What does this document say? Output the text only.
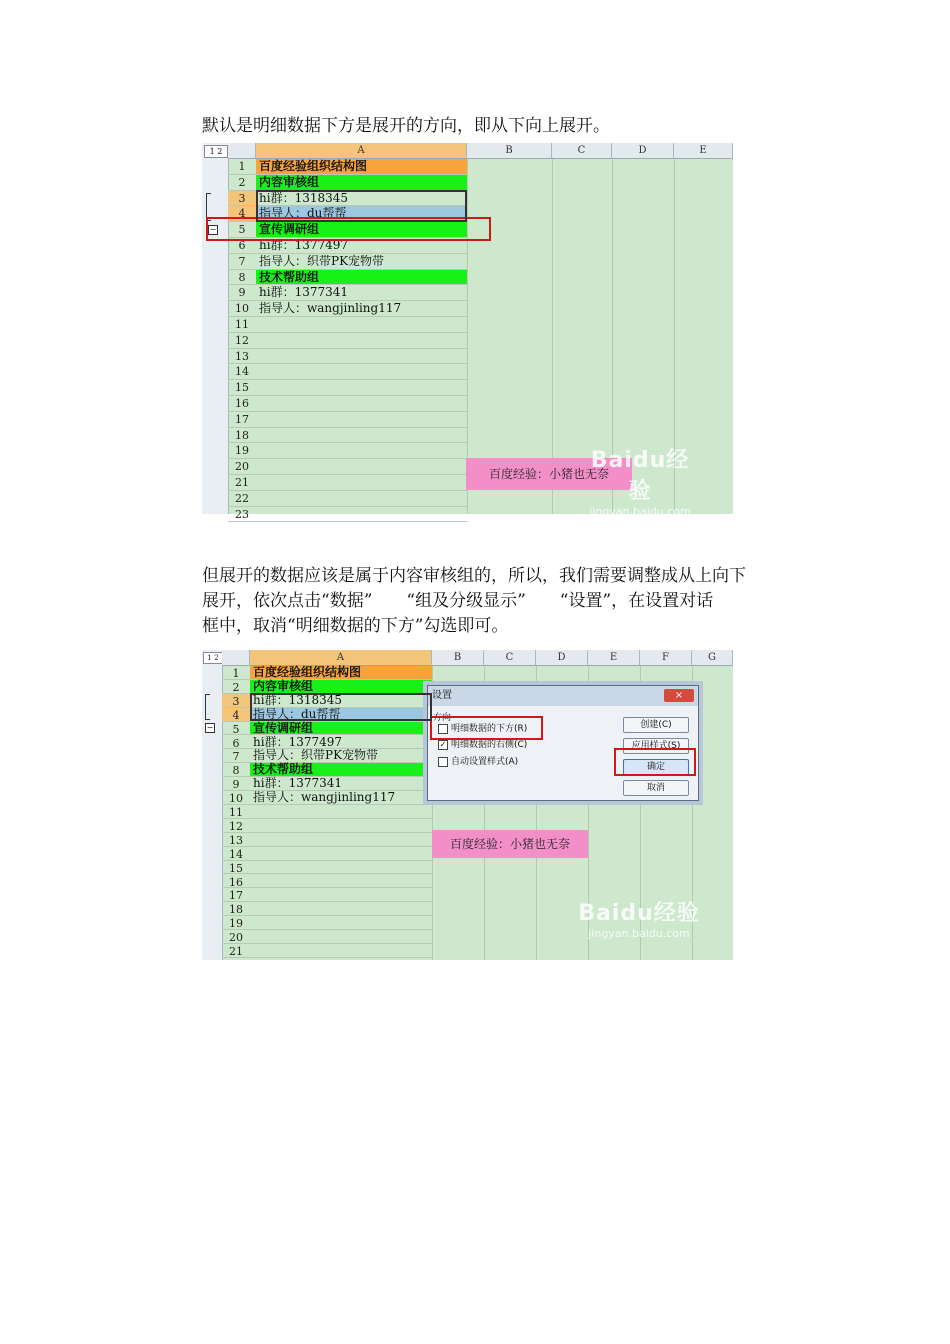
默认是明细数据下方是展开的方向，即从下向上展开。
1 2
−
A	B	C	D	E
1	百度经验组织结构图
2	内容审核组
3	hi群：1318345
4	指导人：du帮帮
5	宣传调研组
6	hi群：1377497
7	指导人：织带PK宠物带
8	技术帮助组
9	hi群：1377341
10 指导人：wangjinling117
11
12
13
14
15
16
17
18
19
20
21
22
23
百度经验：小猪也无奈
Baidu经验
jingyan.baidu.com
但展开的数据应该是属于内容审核组的，所以，我们需要调整成从上向下
展开，依次点击“数据”　　“组及分级显示”　　“设置”，在设置对话
框中，取消“明细数据的下方”勾选即可。
1 2
−
A	B	C	D	E	F	G
1	百度经验组织结构图
2	内容审核组
3	hi群：1318345
4	指导人：du帮帮
5	宣传调研组
6	hi群：1377497
7	指导人：织带PK宠物带
8	技术帮助组
9	hi群：1377341
10 指导人：wangjinling117
11
12
13
14
15
16
17
18
19
20
21
百度经验：小猪也无奈
Baidu经验
jingyan.baidu.com
设置	×
方向
明细数据的下方(R)
✓ 明细数据的右侧(C)
自动设置样式(A)
创建(C)
应用样式(S)
确定
取消
